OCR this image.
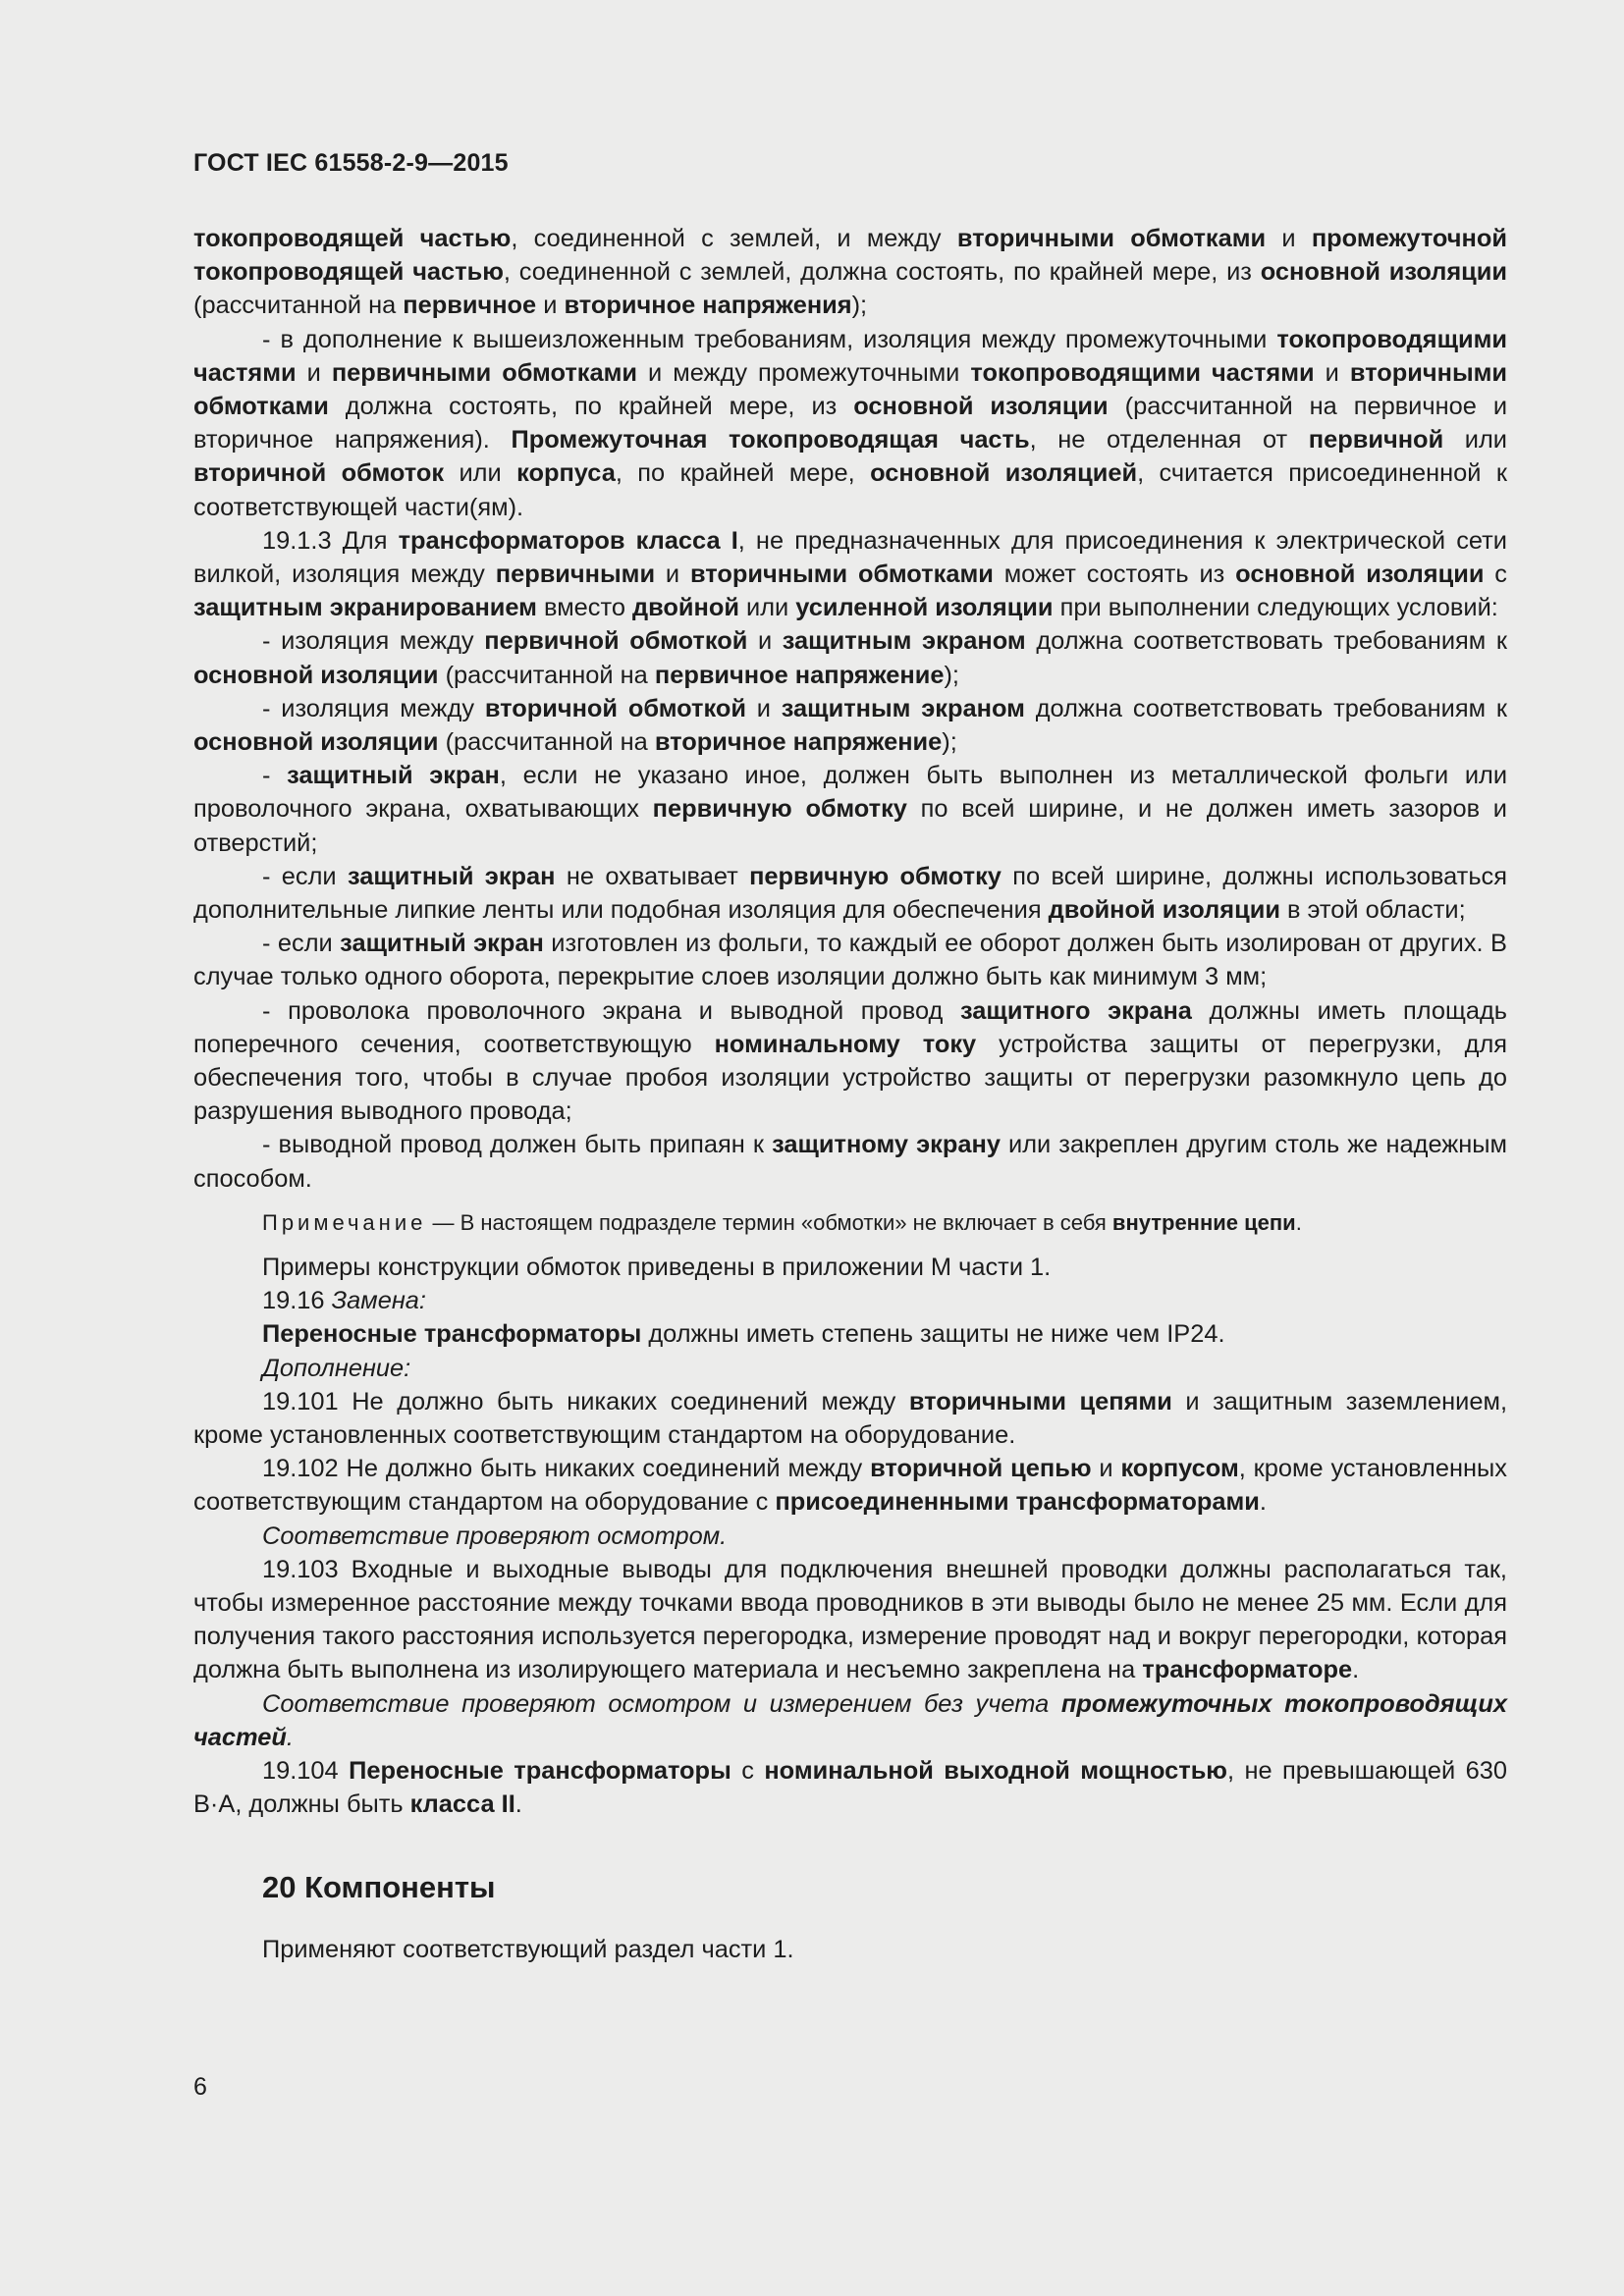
ГОСТ IEC 61558-2-9—2015

токопроводящей частью, соединенной с землей, и между вторичными обмотками и промежуточной токопроводящей частью, соединенной с землей, должна состоять, по крайней мере, из основной изоляции (рассчитанной на первичное и вторичное напряжения);

- в дополнение к вышеизложенным требованиям, изоляция между промежуточными токопроводящими частями и первичными обмотками и между промежуточными токопроводящими частями и вторичными обмотками должна состоять, по крайней мере, из основной изоляции (рассчитанной на первичное и вторичное напряжения). Промежуточная токопроводящая часть, не отделенная от первичной или вторичной обмоток или корпуса, по крайней мере, основной изоляцией, считается присоединенной к соответствующей части(ям).

19.1.3 Для трансформаторов класса I, не предназначенных для присоединения к электрической сети вилкой, изоляция между первичными и вторичными обмотками может состоять из основной изоляции с защитным экранированием вместо двойной или усиленной изоляции при выполнении следующих условий:

- изоляция между первичной обмоткой и защитным экраном должна соответствовать требованиям к основной изоляции (рассчитанной на первичное напряжение);

- изоляция между вторичной обмоткой и защитным экраном должна соответствовать требованиям к основной изоляции (рассчитанной на вторичное напряжение);

- защитный экран, если не указано иное, должен быть выполнен из металлической фольги или проволочного экрана, охватывающих первичную обмотку по всей ширине, и не должен иметь зазоров и отверстий;

- если защитный экран не охватывает первичную обмотку по всей ширине, должны использоваться дополнительные липкие ленты или подобная изоляция для обеспечения двойной изоляции в этой области;

- если защитный экран изготовлен из фольги, то каждый ее оборот должен быть изолирован от других. В случае только одного оборота, перекрытие слоев изоляции должно быть как минимум 3 мм;

- проволока проволочного экрана и выводной провод защитного экрана должны иметь площадь поперечного сечения, соответствующую номинальному току устройства защиты от перегрузки, для обеспечения того, чтобы в случае пробоя изоляции устройство защиты от перегрузки разомкнуло цепь до разрушения выводного провода;

- выводной провод должен быть припаян к защитному экрану или закреплен другим столь же надежным способом.

Примечание — В настоящем подразделе термин «обмотки» не включает в себя внутренние цепи.

Примеры конструкции обмоток приведены в приложении М части 1.

19.16 Замена:

Переносные трансформаторы должны иметь степень защиты не ниже чем IP24.

Дополнение:

19.101 Не должно быть никаких соединений между вторичными цепями и защитным заземлением, кроме установленных соответствующим стандартом на оборудование.

19.102 Не должно быть никаких соединений между вторичной цепью и корпусом, кроме установленных соответствующим стандартом на оборудование с присоединенными трансформаторами.

Соответствие проверяют осмотром.

19.103 Входные и выходные выводы для подключения внешней проводки должны располагаться так, чтобы измеренное расстояние между точками ввода проводников в эти выводы было не менее 25 мм. Если для получения такого расстояния используется перегородка, измерение проводят над и вокруг перегородки, которая должна быть выполнена из изолирующего материала и несъемно закреплена на трансформаторе.

Соответствие проверяют осмотром и измерением без учета промежуточных токопроводящих частей.

19.104 Переносные трансформаторы с номинальной выходной мощностью, не превышающей 630 В·А, должны быть класса II.

20 Компоненты

Применяют соответствующий раздел части 1.

6
